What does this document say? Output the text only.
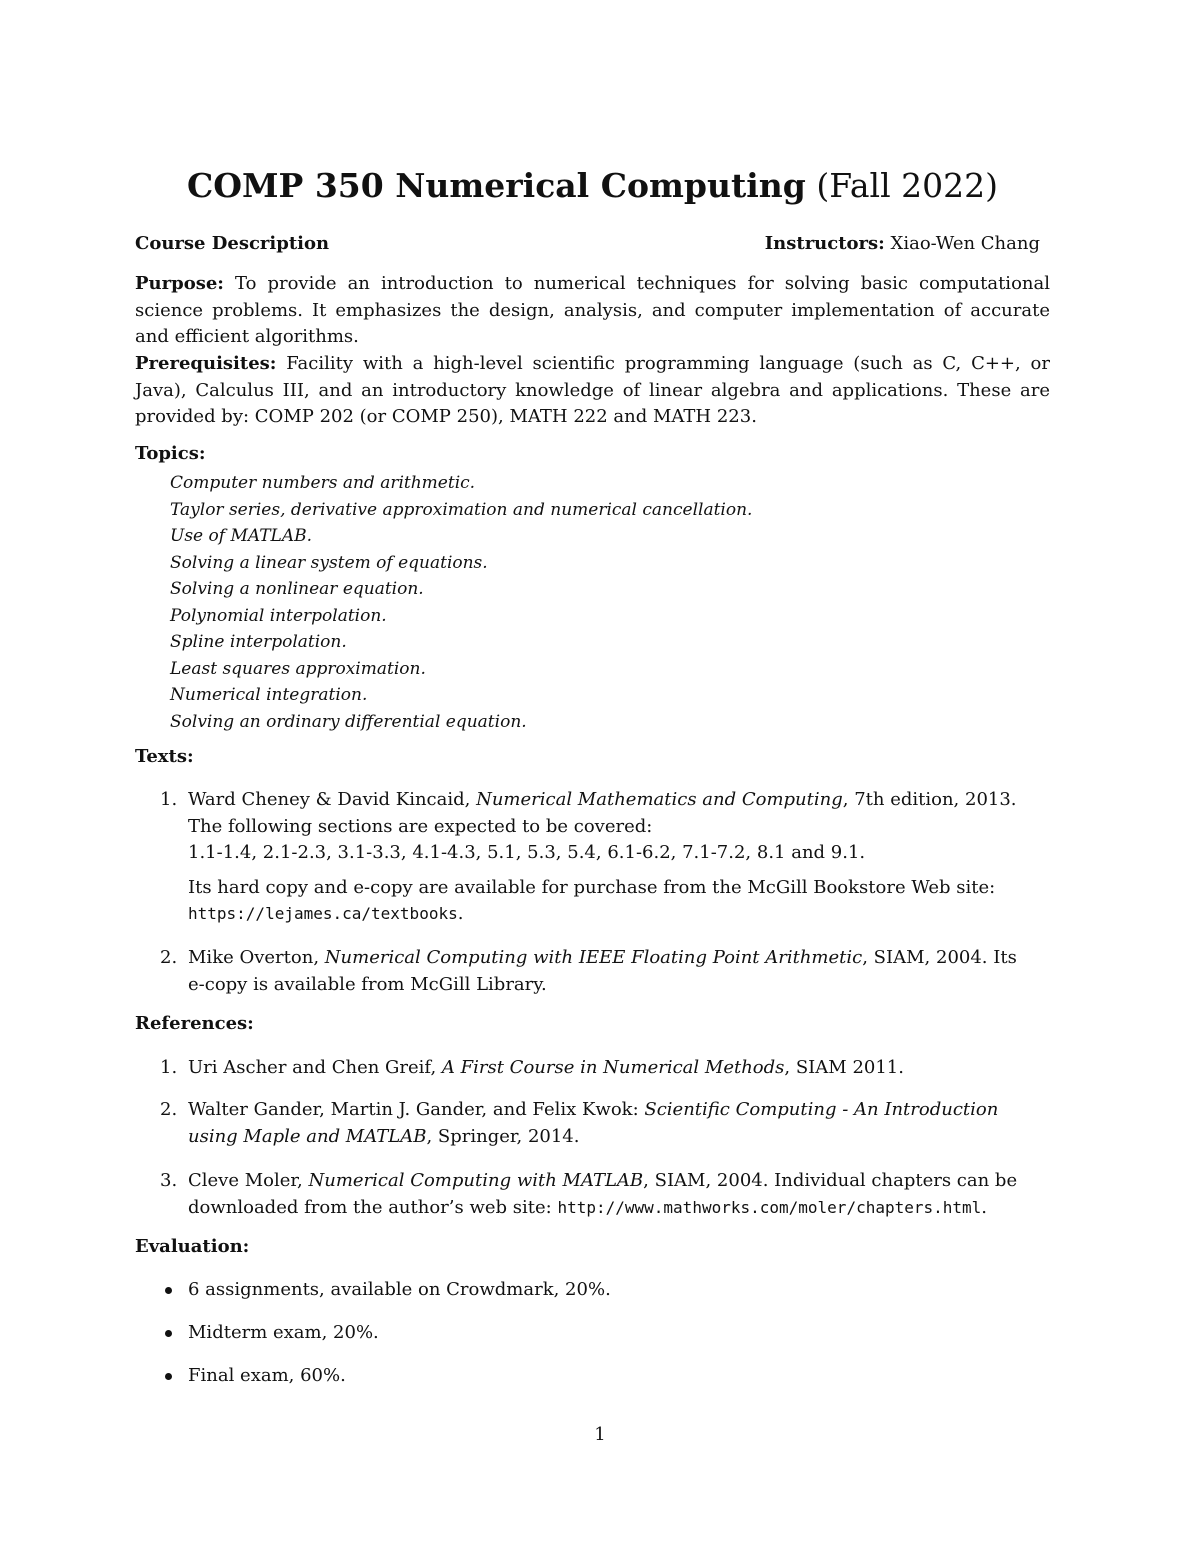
COMP 350 Numerical Computing (Fall 2022)
Course Description	Instructors: Xiao-Wen Chang
Purpose: To provide an introduction to numerical techniques for solving basic computational science problems. It emphasizes the design, analysis, and computer implementation of accurate and efficient algorithms.
Prerequisites: Facility with a high-level scientific programming language (such as C, C++, or Java), Calculus III, and an introductory knowledge of linear algebra and applications. These are provided by: COMP 202 (or COMP 250), MATH 222 and MATH 223.
Topics:
Computer numbers and arithmetic.
Taylor series, derivative approximation and numerical cancellation.
Use of MATLAB.
Solving a linear system of equations.
Solving a nonlinear equation.
Polynomial interpolation.
Spline interpolation.
Least squares approximation.
Numerical integration.
Solving an ordinary differential equation.
Texts:
1. Ward Cheney & David Kincaid, Numerical Mathematics and Computing, 7th edition, 2013.
The following sections are expected to be covered:
1.1-1.4, 2.1-2.3, 3.1-3.3, 4.1-4.3, 5.1, 5.3, 5.4, 6.1-6.2, 7.1-7.2, 8.1 and 9.1.
Its hard copy and e-copy are available for purchase from the McGill Bookstore Web site:
https://lejames.ca/textbooks.
2. Mike Overton, Numerical Computing with IEEE Floating Point Arithmetic, SIAM, 2004. Its
e-copy is available from McGill Library.
References:
1. Uri Ascher and Chen Greif, A First Course in Numerical Methods, SIAM 2011.
2. Walter Gander, Martin J. Gander, and Felix Kwok: Scientific Computing - An Introduction
using Maple and MATLAB, Springer, 2014.
3. Cleve Moler, Numerical Computing with MATLAB, SIAM, 2004. Individual chapters can be
downloaded from the author’s web site: http://www.mathworks.com/moler/chapters.html.
Evaluation:
6 assignments, available on Crowdmark, 20%.
Midterm exam, 20%.
Final exam, 60%.
1
